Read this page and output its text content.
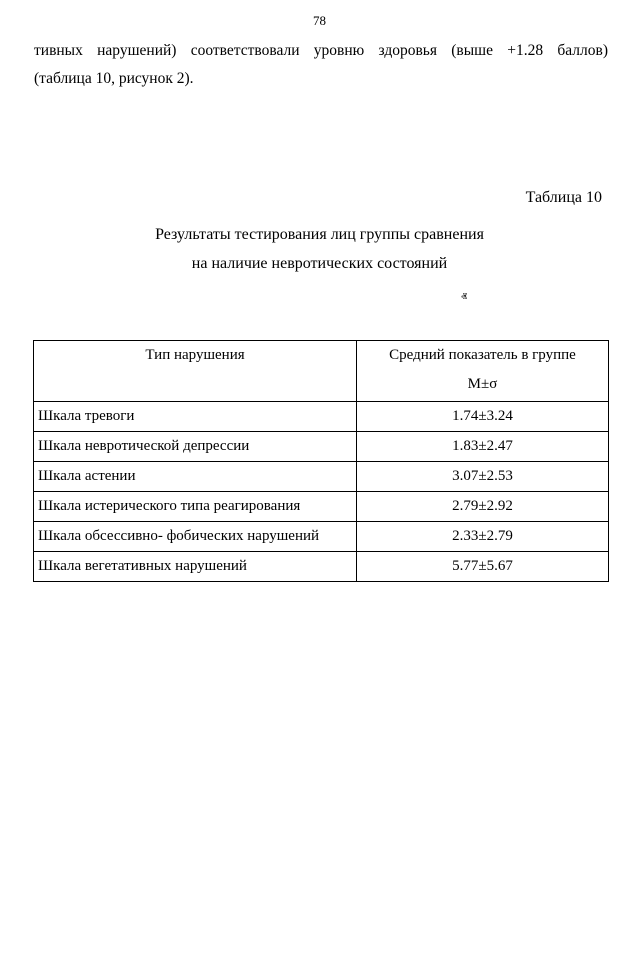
78
тивных нарушений) соответствовали уровню здоровья (выше +1.28 баллов)
(таблица 10, рисунок 2).
Таблица 10
Результаты тестирования лиц группы сравнения
на наличие невротических состояний
ⱏ
Тип нарушения	Средний показатель в группе
M±σ

Шкала тревоги	1.74±3.24
Шкала невротической депрессии	1.83±2.47
Шкала астении	3.07±2.53
Шкала истерического типа реагирования	2.79±2.92
Шкала обсессивно- фобических нарушений	2.33±2.79
Шкала вегетативных нарушений	5.77±5.67
